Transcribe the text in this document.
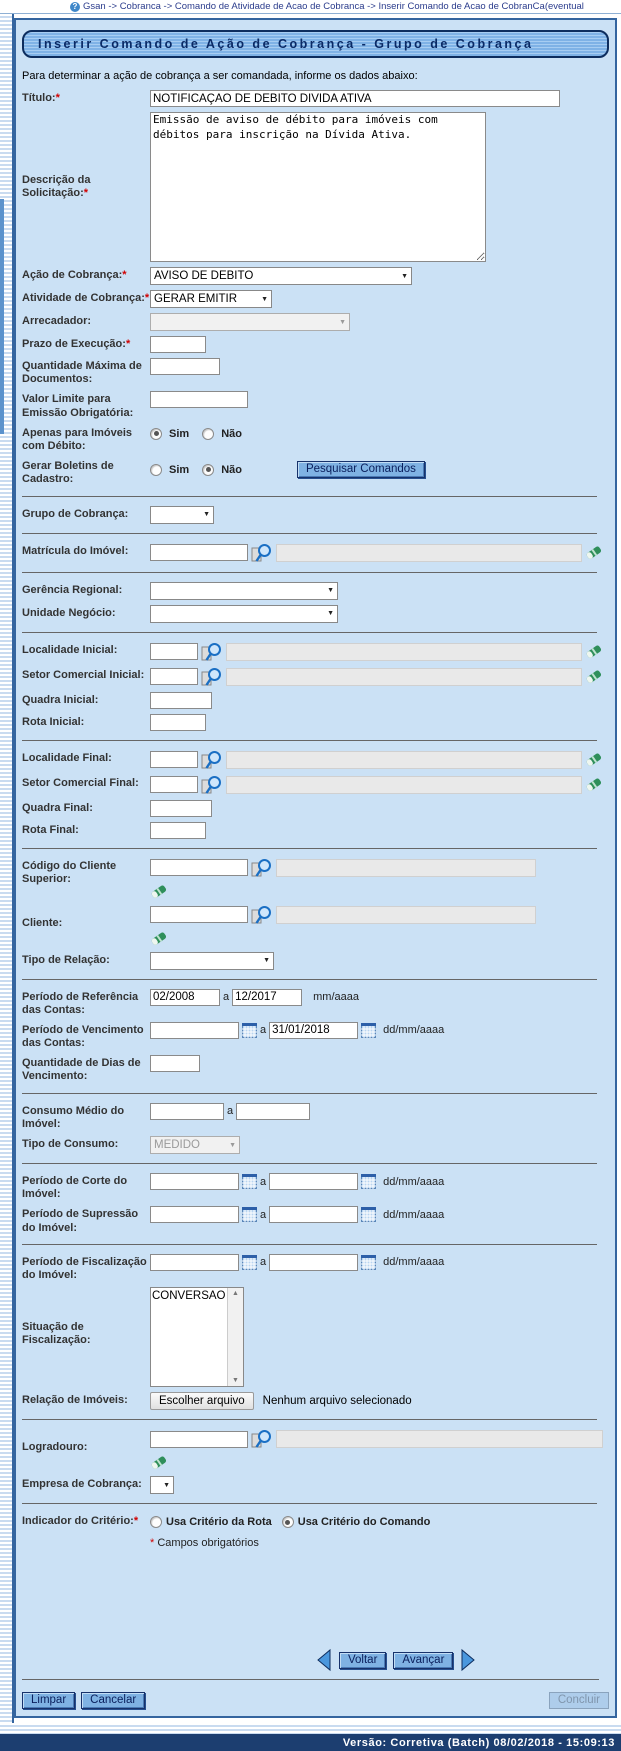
? Gsan -> Cobranca -> Comando de Atividade de Acao de Cobranca -> Inserir Comando de Acao de CobranCa(eventual
Inserir Comando de Ação de Cobrança - Grupo de Cobrança
Para determinar a ação de cobrança a ser comandada, informe os dados abaixo:
Título:*
NOTIFICAÇÃO DE DÉBITO DIVIDA ATIVA
Descrição da Solicitação:*
Emissão de aviso de débito para imóveis com débitos para inscrição na Dívida Ativa.
Ação de Cobrança:*	AVISO DE DEBITO	▼
Atividade de Cobrança:* GERAR EMITIR	▼
Arrecadador:	▼
Prazo de Execução:*
Quantidade Máxima de Documentos:
Valor Limite para Emissão Obrigatória:
Apenas para Imóveis com Débito:
Sim	Não
Gerar Boletins de Cadastro:
Sim	Não	Pesquisar Comandos
Grupo de Cobrança:	▼
Matrícula do Imóvel:
Gerência Regional:	▼
Unidade Negócio:	▼
Localidade Inicial:
Setor Comercial Inicial:
Quadra Inicial:
Rota Inicial:
Localidade Final:
Setor Comercial Final:
Quadra Final:
Rota Final:
Código do Cliente Superior:
Cliente:
Tipo de Relação:	▼
Período de Referência das Contas:
02/2008
a
12/2017	mm/aaaa
Período de Vencimento das Contas:
a
31/01/2018	dd/mm/aaaa
Quantidade de Dias de Vencimento:
Consumo Médio do Imóvel:
a
Tipo de Consumo:	MEDIDO	▼
Período de Corte do Imóvel:
a	dd/mm/aaaa
Período de Supressão do Imóvel:
a	dd/mm/aaaa
Período de Fiscalização do Imóvel:
a	dd/mm/aaaa
Situação de Fiscalização:
CONVERSAO ▲
▼
Relação de Imóveis:	Escolher arquivo	Nenhum arquivo selecionado
Logradouro:
Empresa de Cobrança:	▼
Indicador do Critério:*	Usa Critério da Rota Usa Critério do Comando
* Campos obrigatórios
Voltar	Avançar
Limpar	Cancelar	Concluir
Versão: Corretiva (Batch) 08/02/2018 - 15:09:13
